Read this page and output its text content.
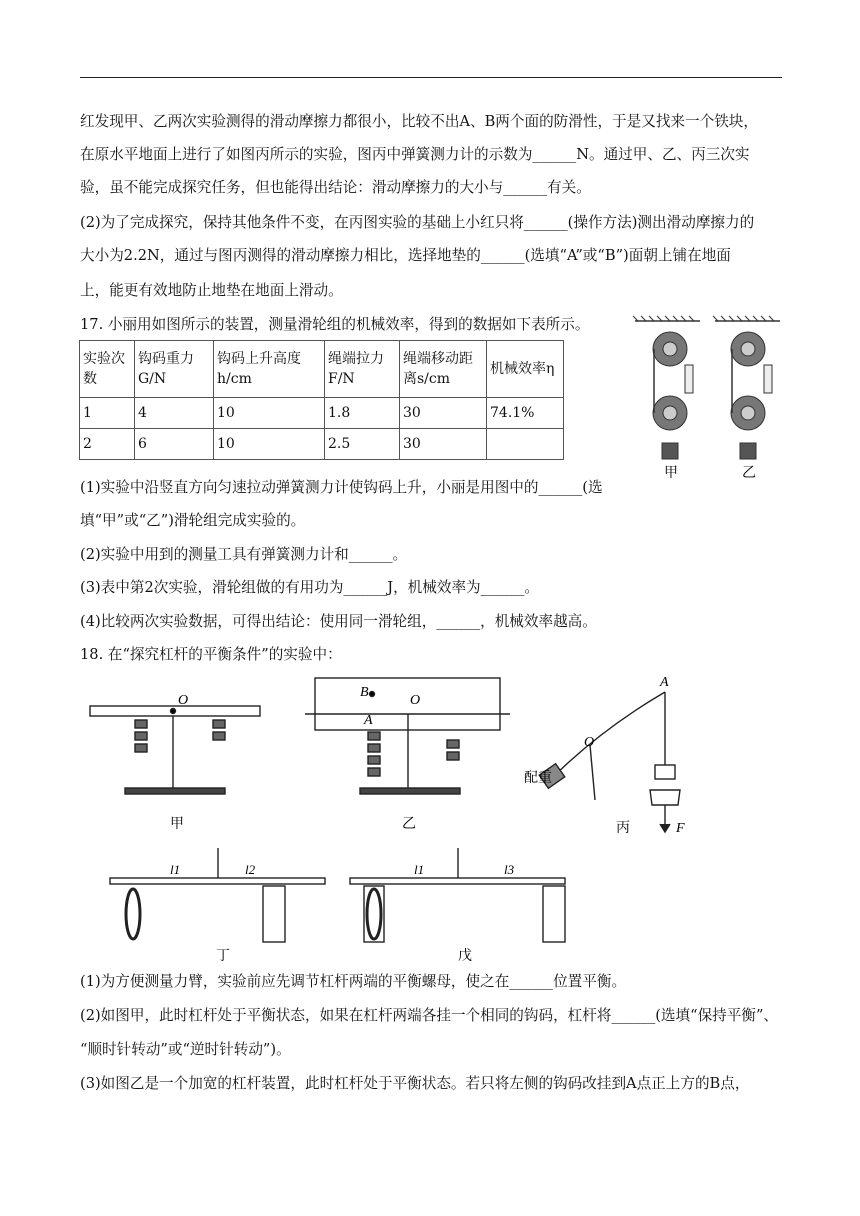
红发现甲、乙两次实验测得的滑动摩擦力都很小，比较不出A、B两个面的防滑性，于是又找来一个铁块，
在原水平地面上进行了如图丙所示的实验，图丙中弹簧测力计的示数为______N。通过甲、乙、丙三次实
验，虽不能完成探究任务，但也能得出结论：滑动摩擦力的大小与______有关。
(2)为了完成探究，保持其他条件不变，在丙图实验的基础上小红只将______(操作方法)测出滑动摩擦力的
大小为2.2N，通过与图丙测得的滑动摩擦力相比，选择地垫的______(选填“A”或“B”)面朝上铺在地面
上，能更有效地防止地垫在地面上滑动。
17. 小丽用如图所示的装置，测量滑轮组的机械效率，得到的数据如下表所示。
实验次数	钩码重力G/N	钩码上升高度h/cm	绳端拉力F/N	绳端移动距离s/cm	机械效率η
1	4	10	1.8	30	74.1%
2	6	10	2.5	30	
甲	乙
(1)实验中沿竖直方向匀速拉动弹簧测力计使钩码上升，小丽是用图中的______(选
填“甲”或“乙”)滑轮组完成实验的。
(2)实验中用到的测量工具有弹簧测力计和______。
(3)表中第2次实验，滑轮组做的有用功为______J，机械效率为______。
(4)比较两次实验数据，可得出结论：使用同一滑轮组，______，机械效率越高。
18. 在“探究杠杆的平衡条件”的实验中：
O
甲
B
A
O
乙
A
O
配重
F
丙
l1	l2
丁
l1	l3
戊
(1)为方便测量力臂，实验前应先调节杠杆两端的平衡螺母，使之在______位置平衡。
(2)如图甲，此时杠杆处于平衡状态，如果在杠杆两端各挂一个相同的钩码，杠杆将______(选填“保持平衡”、
“顺时针转动”或“逆时针转动”)。
(3)如图乙是一个加宽的杠杆装置，此时杠杆处于平衡状态。若只将左侧的钩码改挂到A点正上方的B点，
